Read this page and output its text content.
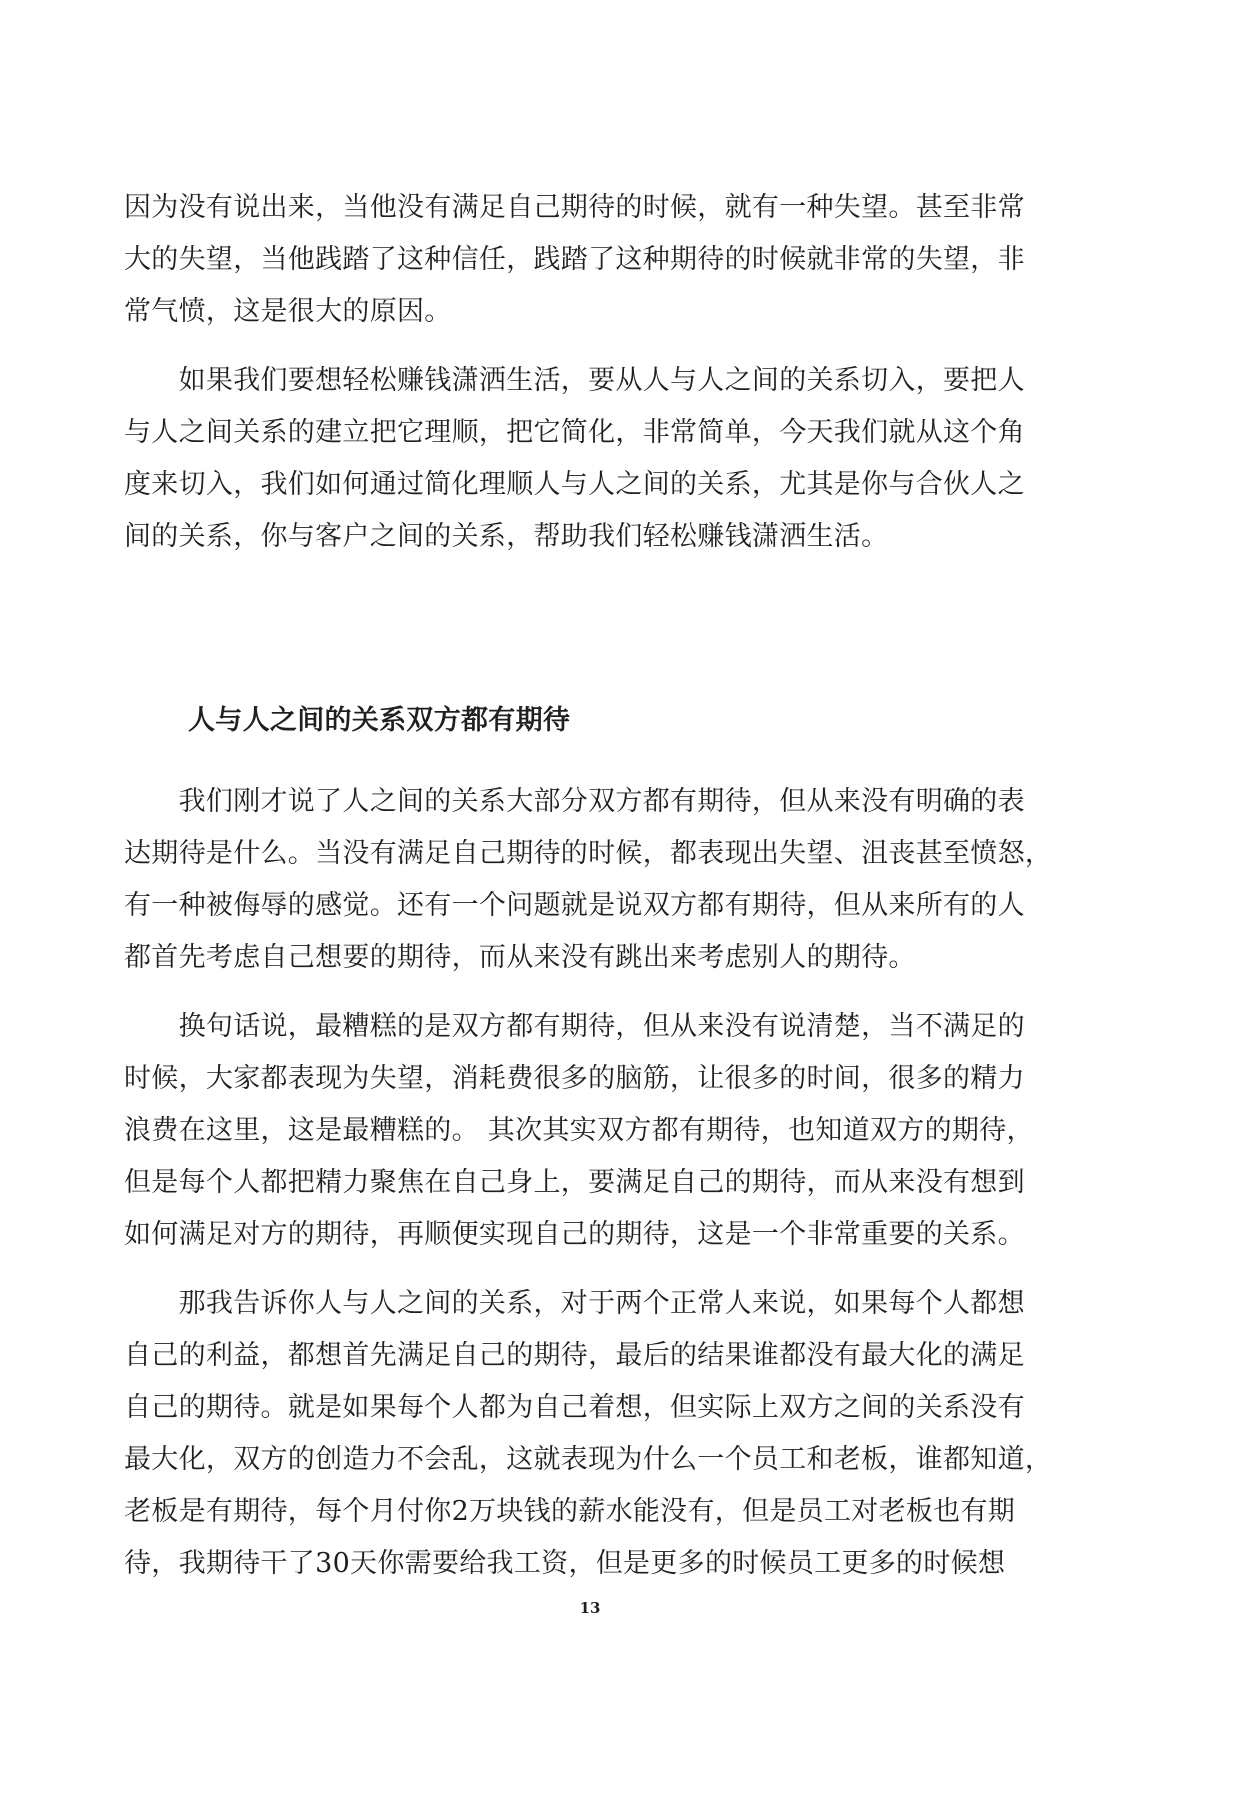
因为没有说出来，当他没有满足自己期待的时候，就有一种失望。甚至非常
大的失望，当他践踏了这种信任，践踏了这种期待的时候就非常的失望，非
常气愤，这是很大的原因。

　　如果我们要想轻松赚钱潇洒生活，要从人与人之间的关系切入，要把人
与人之间关系的建立把它理顺，把它简化，非常简单，今天我们就从这个角
度来切入，我们如何通过简化理顺人与人之间的关系，尤其是你与合伙人之
间的关系，你与客户之间的关系，帮助我们轻松赚钱潇洒生活。

人与人之间的关系双方都有期待

　　我们刚才说了人之间的关系大部分双方都有期待，但从来没有明确的表
达期待是什么。当没有满足自己期待的时候，都表现出失望、沮丧甚至愤怒，
有一种被侮辱的感觉。还有一个问题就是说双方都有期待，但从来所有的人
都首先考虑自己想要的期待，而从来没有跳出来考虑别人的期待。

　　换句话说，最糟糕的是双方都有期待，但从来没有说清楚，当不满足的
时候，大家都表现为失望，消耗费很多的脑筋，让很多的时间，很多的精力
浪费在这里，这是最糟糕的。 其次其实双方都有期待，也知道双方的期待，
但是每个人都把精力聚焦在自己身上，要满足自己的期待，而从来没有想到
如何满足对方的期待，再顺便实现自己的期待，这是一个非常重要的关系。

　　那我告诉你人与人之间的关系，对于两个正常人来说，如果每个人都想
自己的利益，都想首先满足自己的期待，最后的结果谁都没有最大化的满足
自己的期待。就是如果每个人都为自己着想，但实际上双方之间的关系没有
最大化，双方的创造力不会乱，这就表现为什么一个员工和老板，谁都知道，
老板是有期待，每个月付你2万块钱的薪水能没有，但是员工对老板也有期
待，我期待干了30天你需要给我工资，但是更多的时候员工更多的时候想

13
